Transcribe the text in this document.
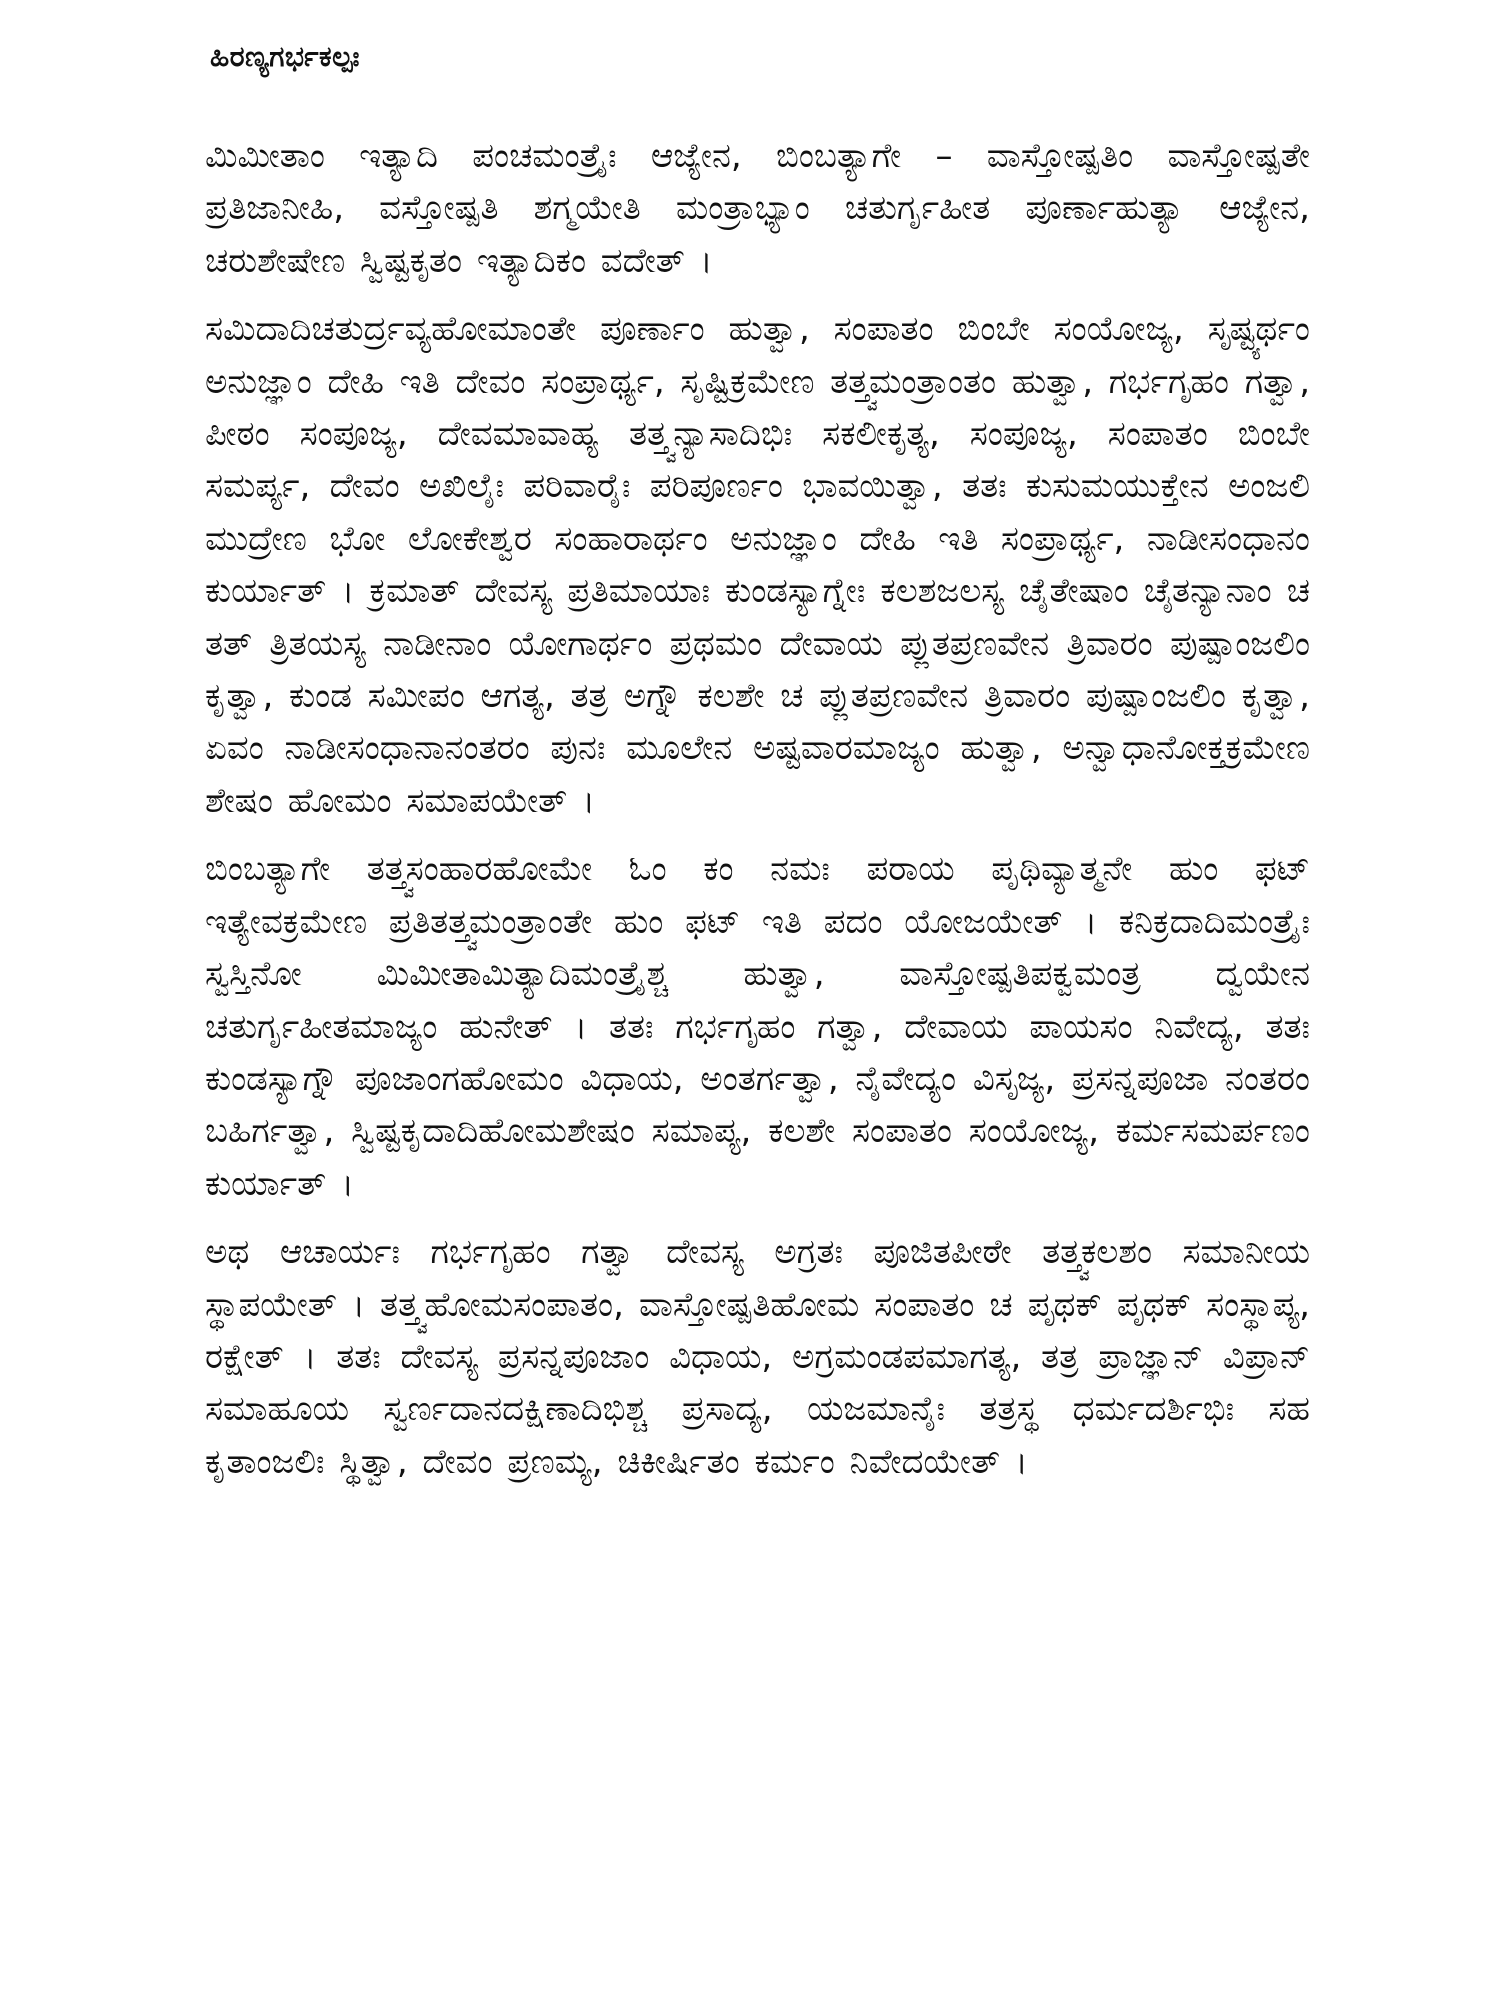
ಹಿರಣ್ಯಗರ್ಭಕಲ್ಪಃ

ಮಿಮೀತಾಂ ಇತ್ಯಾದಿ ಪಂಚಮಂತ್ರೈಃ ಆಜ್ಯೇನ, ಬಿಂಬತ್ಯಾಗೇ – ವಾಸ್ತೋಷ್ಪತಿಂ ವಾಸ್ತೋಷ್ಪತೇ ಪ್ರತಿಜಾನೀಹಿ, ವಸ್ತೋಷ್ಪತಿ ಶಗ್ಮಯೇತಿ ಮಂತ್ರಾಭ್ಯಾಂ ಚತುರ್ಗೃಹೀತ ಪೂರ್ಣಾಹುತ್ಯಾ ಆಜ್ಯೇನ, ಚರುಶೇಷೇಣ ಸ್ವಿಷ್ಟಕೃತಂ ಇತ್ಯಾದಿಕಂ ವದೇತ್ ।

ಸಮಿದಾದಿಚತುರ್ದ್ರವ್ಯಹೋಮಾಂತೇ ಪೂರ್ಣಾಂ ಹುತ್ವಾ, ಸಂಪಾತಂ ಬಿಂಬೇ ಸಂಯೋಜ್ಯ, ಸೃಷ್ಟ್ಯರ್ಥಂ ಅನುಜ್ಞಾಂ ದೇಹಿ ಇತಿ ದೇವಂ ಸಂಪ್ರಾರ್ಥ್ಯ, ಸೃಷ್ಟಿಕ್ರಮೇಣ ತತ್ತ್ವಮಂತ್ರಾಂತಂ ಹುತ್ವಾ, ಗರ್ಭಗೃಹಂ ಗತ್ವಾ, ಪೀಠಂ ಸಂಪೂಜ್ಯ, ದೇವಮಾವಾಹ್ಯ ತತ್ತ್ವನ್ಯಾಸಾದಿಭಿಃ ಸಕಲೀಕೃತ್ಯ, ಸಂಪೂಜ್ಯ, ಸಂಪಾತಂ ಬಿಂಬೇ ಸಮರ್ಪ್ಯ, ದೇವಂ ಅಖಿಲೈಃ ಪರಿವಾರೈಃ ಪರಿಪೂರ್ಣಂ ಭಾವಯಿತ್ವಾ, ತತಃ ಕುಸುಮಯುಕ್ತೇನ ಅಂಜಲಿ ಮುದ್ರೇಣ ಭೋ ಲೋಕೇಶ್ವರ ಸಂಹಾರಾರ್ಥಂ ಅನುಜ್ಞಾಂ ದೇಹಿ ಇತಿ ಸಂಪ್ರಾರ್ಥ್ಯ, ನಾಡೀಸಂಧಾನಂ ಕುರ್ಯಾತ್ । ಕ್ರಮಾತ್ ದೇವಸ್ಯ ಪ್ರತಿಮಾಯಾಃ ಕುಂಡಸ್ಯಾಗ್ನೇಃ ಕಲಶಜಲಸ್ಯ ಚೈತೇಷಾಂ ಚೈತನ್ಯಾನಾಂ ಚ ತತ್ ತ್ರಿತಯಸ್ಯ ನಾಡೀನಾಂ ಯೋಗಾರ್ಥಂ ಪ್ರಥಮಂ ದೇವಾಯ ಪ್ಲುತಪ್ರಣವೇನ ತ್ರಿವಾರಂ ಪುಷ್ಪಾಂಜಲಿಂ ಕೃತ್ವಾ, ಕುಂಡ ಸಮೀಪಂ ಆಗತ್ಯ, ತತ್ರ ಅಗ್ನೌ ಕಲಶೇ ಚ ಪ್ಲುತಪ್ರಣವೇನ ತ್ರಿವಾರಂ ಪುಷ್ಪಾಂಜಲಿಂ ಕೃತ್ವಾ, ಏವಂ ನಾಡೀಸಂಧಾನಾನಂತರಂ ಪುನಃ ಮೂಲೇನ ಅಷ್ಟವಾರಮಾಜ್ಯಂ ಹುತ್ವಾ, ಅನ್ವಾಧಾನೋಕ್ತಕ್ರಮೇಣ ಶೇಷಂ ಹೋಮಂ ಸಮಾಪಯೇತ್ ।

ಬಿಂಬತ್ಯಾಗೇ ತತ್ತ್ವಸಂಹಾರಹೋಮೇ ಓಂ ಕಂ ನಮಃ ಪರಾಯ ಪೃಥಿವ್ಯಾತ್ಮನೇ ಹುಂ ಫಟ್ ಇತ್ಯೇವಕ್ರಮೇಣ ಪ್ರತಿತತ್ತ್ವಮಂತ್ರಾಂತೇ ಹುಂ ಫಟ್ ಇತಿ ಪದಂ ಯೋಜಯೇತ್ । ಕನಿಕ್ರದಾದಿಮಂತ್ರೈಃ ಸ್ವಸ್ತಿನೋ ಮಿಮೀತಾಮಿತ್ಯಾದಿಮಂತ್ರೈಶ್ಚ ಹುತ್ವಾ, ವಾಸ್ತೋಷ್ಪತಿಪಕ್ವಮಂತ್ರ ದ್ವಯೇನ ಚತುರ್ಗೃಹೀತಮಾಜ್ಯಂ ಹುನೇತ್ । ತತಃ ಗರ್ಭಗೃಹಂ ಗತ್ವಾ, ದೇವಾಯ ಪಾಯಸಂ ನಿವೇದ್ಯ, ತತಃ ಕುಂಡಸ್ಯಾಗ್ನೌ ಪೂಜಾಂಗಹೋಮಂ ವಿಧಾಯ, ಅಂತರ್ಗತ್ವಾ, ನೈವೇದ್ಯಂ ವಿಸೃಜ್ಯ, ಪ್ರಸನ್ನಪೂಜಾ ನಂತರಂ ಬಹಿರ್ಗತ್ವಾ, ಸ್ವಿಷ್ಟಕೃದಾದಿಹೋಮಶೇಷಂ ಸಮಾಪ್ಯ, ಕಲಶೇ ಸಂಪಾತಂ ಸಂಯೋಜ್ಯ, ಕರ್ಮಸಮರ್ಪಣಂ ಕುರ್ಯಾತ್ ।

ಅಥ ಆಚಾರ್ಯಃ ಗರ್ಭಗೃಹಂ ಗತ್ವಾ ದೇವಸ್ಯ ಅಗ್ರತಃ ಪೂಜಿತಪೀಠೇ ತತ್ತ್ವಕಲಶಂ ಸಮಾನೀಯ ಸ್ಥಾಪಯೇತ್ । ತತ್ತ್ವಹೋಮಸಂಪಾತಂ, ವಾಸ್ತೋಷ್ಪತಿಹೋಮ ಸಂಪಾತಂ ಚ ಪೃಥಕ್ ಪೃಥಕ್ ಸಂಸ್ಥಾಪ್ಯ, ರಕ್ಷೇತ್ । ತತಃ ದೇವಸ್ಯ ಪ್ರಸನ್ನಪೂಜಾಂ ವಿಧಾಯ, ಅಗ್ರಮಂಡಪಮಾಗತ್ಯ, ತತ್ರ ಪ್ರಾಜ್ಞಾನ್ ವಿಪ್ರಾನ್ ಸಮಾಹೂಯ ಸ್ವರ್ಣದಾನದಕ್ಷಿಣಾದಿಭಿಶ್ಚ ಪ್ರಸಾದ್ಯ, ಯಜಮಾನೈಃ ತತ್ರಸ್ಥ ಧರ್ಮದರ್ಶಿಭಿಃ ಸಹ ಕೃತಾಂಜಲಿಃ ಸ್ಥಿತ್ವಾ, ದೇವಂ ಪ್ರಣಮ್ಯ, ಚಿಕೀರ್ಷಿತಂ ಕರ್ಮಂ ನಿವೇದಯೇತ್ ।
